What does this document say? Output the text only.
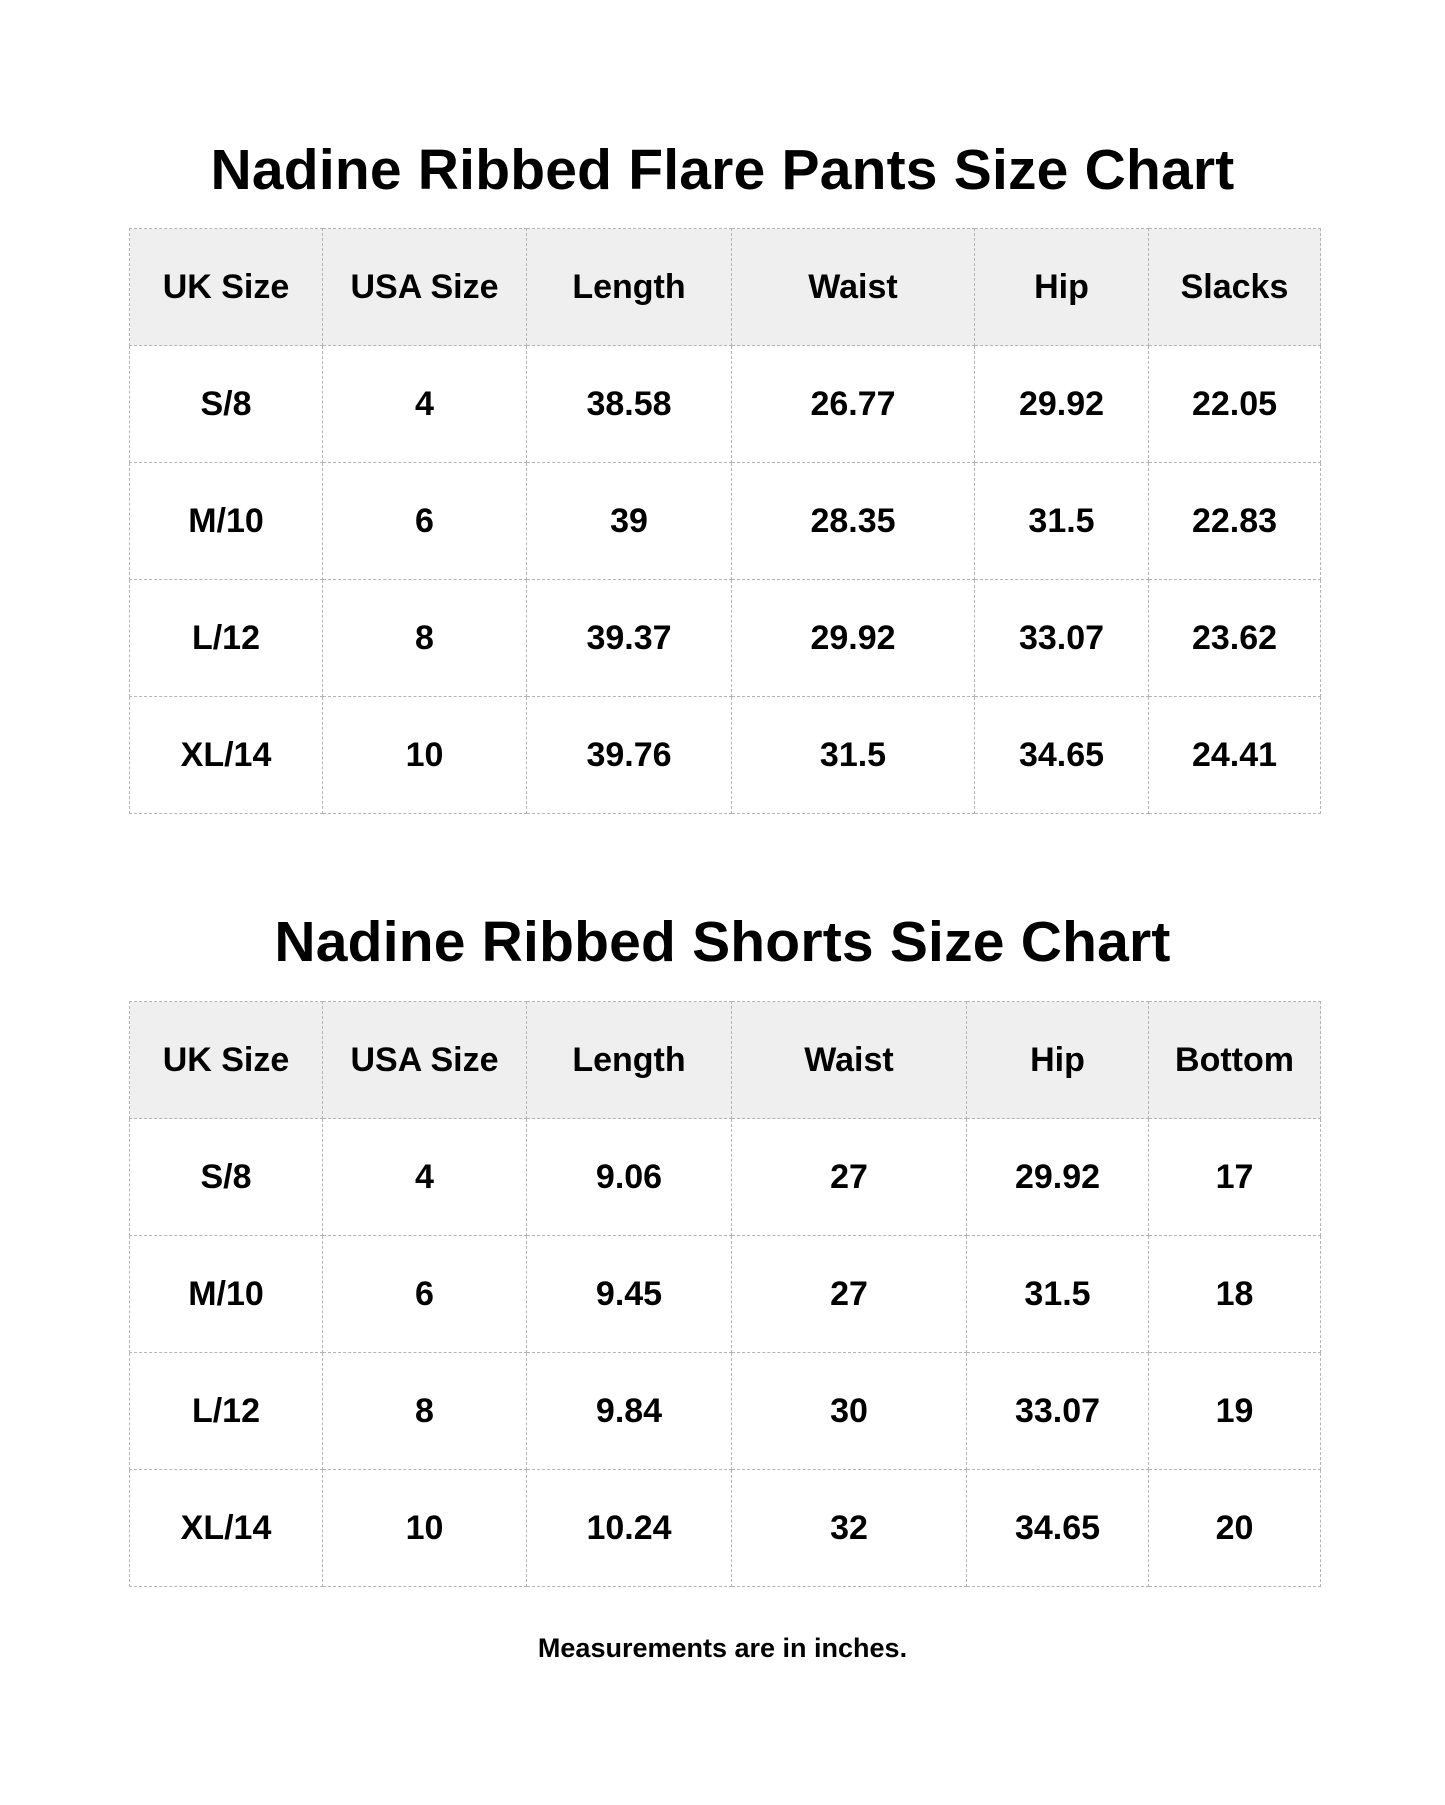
Nadine Ribbed Flare Pants Size Chart
UK Size	USA Size	Length	Waist	Hip	Slacks
S/8	4	38.58	26.77	29.92	22.05
M/10	6	39	28.35	31.5	22.83
L/12	8	39.37	29.92	33.07	23.62
XL/14	10	39.76	31.5	34.65	24.41
Nadine Ribbed Shorts Size Chart
UK Size	USA Size	Length	Waist	Hip	Bottom
S/8	4	9.06	27	29.92	17
M/10	6	9.45	27	31.5	18
L/12	8	9.84	30	33.07	19
XL/14	10	10.24	32	34.65	20

Measurements are in inches.
